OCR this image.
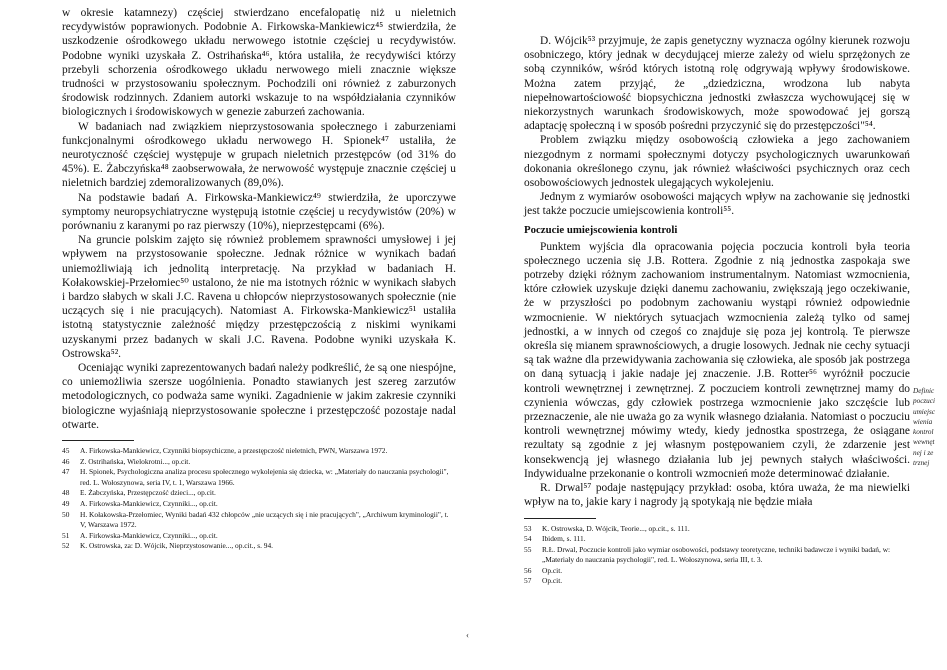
w okresie katamnezy) częściej stwierdzano encefalopatię niż u nieletnich recydywistów poprawionych. Podobnie A. Firkowska-Mankiewicz⁴⁵ stwierdziła, że uszkodzenie ośrodkowego układu nerwowego istotnie częściej u recydywistów. Podobne wyniki uzyskała Z. Ostrihańska⁴⁶, która ustaliła, że recydywiści którzy przebyli schorzenia ośrodkowego układu nerwowego mieli znacznie większe trudności w przystosowaniu społecznym. Pochodzili oni również z zaburzonych środowisk rodzinnych. Zdaniem autorki wskazuje to na współdziałania czynników biologicznych i środowiskowych w genezie zaburzeń zachowania.

W badaniach nad związkiem nieprzystosowania społecznego i zaburzeniami funkcjonalnymi ośrodkowego układu nerwowego H. Spionek⁴⁷ ustaliła, że neurotyczność częściej występuje w grupach nieletnich przestępców (od 31% do 45%). E. Żabczyńska⁴⁸ zaobserwowała, że nerwowość występuje znacznie częściej u nieletnich bardziej zdemoralizowanych (89,0%).

Na podstawie badań A. Firkowska-Mankiewicz⁴⁹ stwierdziła, że uporczywe symptomy neuropsychiatryczne występują istotnie częściej u recydywistów (20%) w porównaniu z karanymi po raz pierwszy (10%), nieprzestępcami (6%).

Na gruncie polskim zajęto się również problemem sprawności umysłowej i jej wpływem na przystosowanie społeczne. Jednak różnice w wynikach badań uniemożliwiają ich jednolitą interpretację. Na przykład w badaniach H. Kołakowskiej-Przełomiec⁵⁰ ustalono, że nie ma istotnych różnic w wynikach słabych i bardzo słabych w skali J.C. Ravena u chłopców nieprzystosowanych społecznie (nie uczących się i nie pracujących). Natomiast A. Firkowska-Mankiewicz⁵¹ ustaliła istotną statystycznie zależność między przestępczością z niskimi wynikami uzyskanymi przez badanych w skali J.C. Ravena. Podobne wyniki uzyskała K. Ostrowska⁵².

Oceniając wyniki zaprezentowanych badań należy podkreślić, że są one niespójne, co uniemożliwia szersze uogólnienia. Ponadto stawianych jest szereg zarzutów metodologicznych, co podważa same wyniki. Zagadnienie w jakim zakresie czynniki biologiczne wyjaśniają nieprzystosowanie społeczne i przestępczość pozostaje nadal otwarte.

45	A. Firkowska-Mankiewicz, Czynniki biopsychiczne, a przestępczość nieletnich, PWN, Warszawa 1972.
46	Z. Ostrihańska, Wielokrotni..., op.cit.
47	H. Spionek, Psychologiczna analiza procesu społecznego wykolejenia się dziecka, w: „Materiały do nauczania psychologii", red. L. Wołoszynowa, seria IV, t. 1, Warszawa 1966.
48	E. Żabczyńska, Przestępczość dzieci..., op.cit.
49	A. Firkowska-Mankiewicz, Czynniki..., op.cit.
50	H. Kołakowska-Przełomiec, Wyniki badań 432 chłopców „nie uczących się i nie pracujących", „Archiwum kryminologii", t. V, Warszawa 1972.
51	A. Firkowska-Mankiewicz, Czynniki..., op.cit.
52	K. Ostrowska, za: D. Wójcik, Nieprzystosowanie..., op.cit., s. 94.

D. Wójcik⁵³ przyjmuje, że zapis genetyczny wyznacza ogólny kierunek rozwoju osobniczego, który jednak w decydującej mierze zależy od wielu sprzężonych ze sobą czynników, wśród których istotną rolę odgrywają wpływy środowiskowe. Można zatem przyjąć, że „dziedziczna, wrodzona lub nabyta niepełnowartościowość biopsychiczna jednostki zwłaszcza wychowującej się w niekorzystnych warunkach środowiskowych, może spowodować jej gorszą adaptację społeczną i w sposób pośredni przyczynić się do przestępczości"⁵⁴.

Problem związku między osobowością człowieka a jego zachowaniem niezgodnym z normami społecznymi dotyczy psychologicznych uwarunkowań dokonania określonego czynu, jak również właściwości psychicznych oraz cech osobowościowych jednostek ulegających wykolejeniu.

Jednym z wymiarów osobowości mających wpływ na zachowanie się jednostki jest także poczucie umiejscowienia kontroli⁵⁵.

Poczucie umiejscowienia kontroli

Punktem wyjścia dla opracowania pojęcia poczucia kontroli była teoria społecznego uczenia się J.B. Rottera. Zgodnie z nią jednostka zaspokaja swe potrzeby dzięki różnym zachowaniom instrumentalnym. Natomiast wzmocnienia, które człowiek uzyskuje dzięki danemu zachowaniu, zwiększają jego oczekiwanie, że w przyszłości po podobnym zachowaniu wystąpi również odpowiednie wzmocnienie. W niektórych sytuacjach wzmocnienia zależą tylko od samej jednostki, a w innych od czegoś co znajduje się poza jej kontrolą. Te pierwsze określa się mianem sprawnościowych, a drugie losowych. Jednak nie cechy sytuacji są tak ważne dla przewidywania zachowania się człowieka, ale sposób jak postrzega on daną sytuacją i jakie nadaje jej znaczenie. J.B. Rotter⁵⁶ wyróżnił poczucie kontroli wewnętrznej i zewnętrznej. Z poczuciem kontroli zewnętrznej mamy do czynienia wówczas, gdy człowiek postrzega wzmocnienie jako szczęście lub przeznaczenie, ale nie uważa go za wynik własnego działania. Natomiast o poczuciu kontroli wewnętrznej mówimy wtedy, kiedy jednostka spostrzega, że osiągane rezultaty są zgodnie z jej własnym postępowaniem czyli, że zdarzenie jest konsekwencją jej własnego działania lub jej pewnych stałych właściwości. Indywidualne przekonanie o kontroli wzmocnień może determinować działanie.

R. Drwal⁵⁷ podaje następujący przykład: osoba, która uważa, że ma niewielki wpływ na to, jakie kary i nagrody ją spotykają nie będzie miała

53	K. Ostrowska, D. Wójcik, Teorie..., op.cit., s. 111.
54	Ibidem, s. 111.
55	R.Ł. Drwal, Poczucie kontroli jako wymiar osobowości, podstawy teoretyczne, techniki badawcze i wyniki badań, w: „Materiały do nauczania psychologii", red. L. Wołoszynowa, seria III, t. 3.
56	Op.cit.
57	Op.cit.
Definic
poczuci
umiejsc
wienia
kontrol
wewnęt
nej i ze
trznej
‹
